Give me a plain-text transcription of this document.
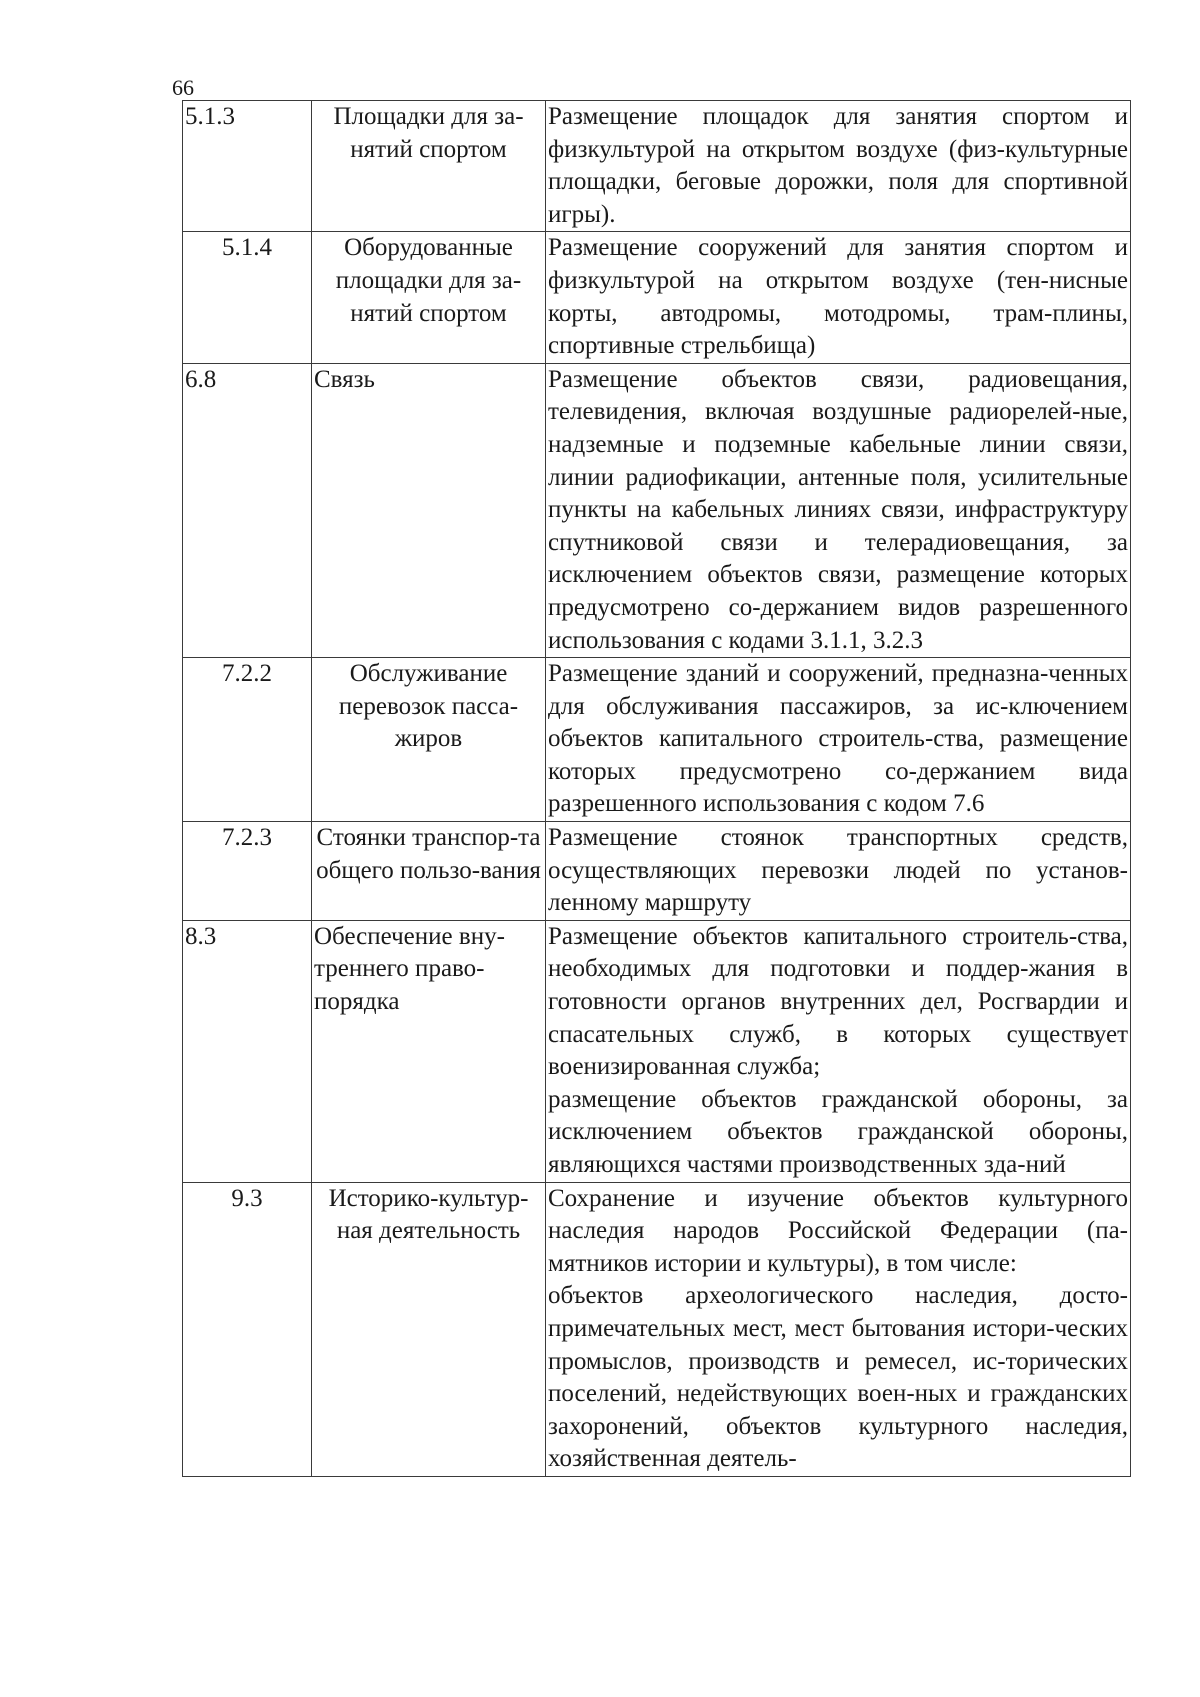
66
5.1.3	Площадки для за-нятий спортом	Размещение площадок для занятия спортом и физкультурой на открытом воздухе (физ-культурные площадки, беговые дорожки, поля для спортивной игры).

5.1.4	Оборудованные площадки для за-нятий спортом	Размещение сооружений для занятия спортом и физкультурой на открытом воздухе (тен-нисные корты, автодромы, мотодромы, трам-плины, спортивные стрельбища)

6.8	Связь	Размещение объектов связи, радиовещания, телевидения, включая воздушные радиорелей-ные, надземные и подземные кабельные линии связи, линии радиофикации, антенные поля, усилительные пункты на кабельных линиях связи, инфраструктуру спутниковой связи и телерадиовещания, за исключением объектов связи, размещение которых предусмотрено со-держанием видов разрешенного использования с кодами 3.1.1, 3.2.3

7.2.2	Обслуживание перевозок пасса-жиров	Размещение зданий и сооружений, предназна-ченных для обслуживания пассажиров, за ис-ключением объектов капитального строитель-ства, размещение которых предусмотрено со-держанием вида разрешенного использования с кодом 7.6

7.2.3	Стоянки транспор-та общего пользо-вания	Размещение стоянок транспортных средств, осуществляющих перевозки людей по установ-ленному маршруту

8.3	Обеспечение вну-треннего право-порядка	Размещение объектов капитального строитель-ства, необходимых для подготовки и поддер-жания в готовности органов внутренних дел, Росгвардии и спасательных служб, в которых существует военизированная служба;

размещение объектов гражданской обороны, за исключением объектов гражданской обороны, являющихся частями производственных зда-ний

9.3	Историко-культур-ная деятельность	Сохранение и изучение объектов культурного наследия народов Российской Федерации (па-мятников истории и культуры), в том числе:

объектов археологического наследия, досто-примечательных мест, мест бытования истори-ческих промыслов, производств и ремесел, ис-торических поселений, недействующих воен-ных и гражданских захоронений, объектов культурного наследия, хозяйственная деятель-
